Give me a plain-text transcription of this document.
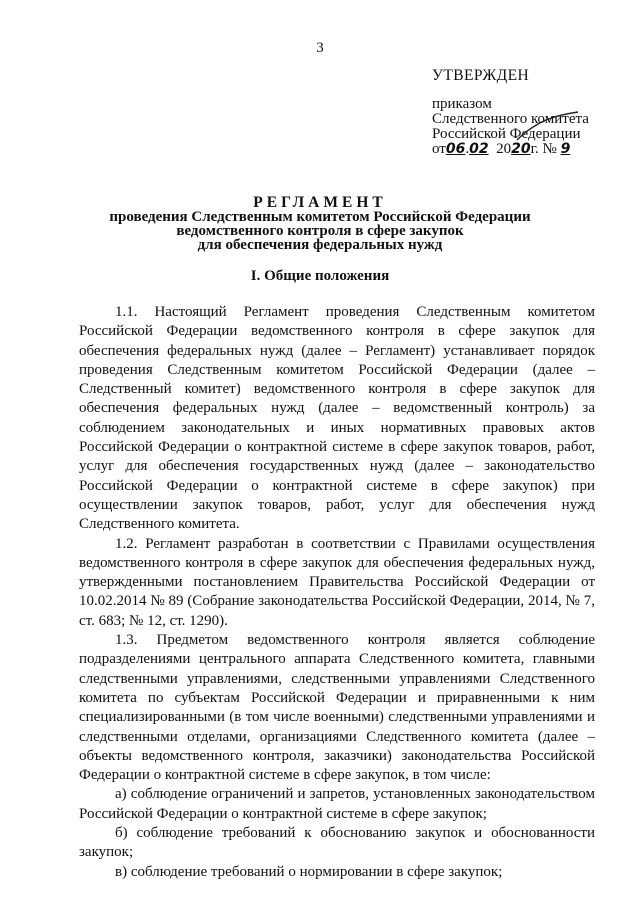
3
УТВЕРЖДЕН
приказом
Следственного комитета
Российской Федерации
от06.02 2020г. № 9
РЕГЛАМЕНТ
проведения Следственным комитетом Российской Федерации
ведомственного контроля в сфере закупок
для обеспечения федеральных нужд
I. Общие положения

1.1. Настоящий Регламент проведения Следственным комитетом Российской Федерации ведомственного контроля в сфере закупок для обеспечения федеральных нужд (далее – Регламент) устанавливает порядок проведения Следственным комитетом Российской Федерации (далее – Следственный комитет) ведомственного контроля в сфере закупок для обеспечения федеральных нужд (далее – ведомственный контроль) за соблюдением законодательных и иных нормативных правовых актов Российской Федерации о контрактной системе в сфере закупок товаров, работ, услуг для обеспечения государственных нужд (далее – законодательство Российской Федерации о контрактной системе в сфере закупок) при осуществлении закупок товаров, работ, услуг для обеспечения нужд Следственного комитета.

1.2. Регламент разработан в соответствии с Правилами осуществления ведомственного контроля в сфере закупок для обеспечения федеральных нужд, утвержденными постановлением Правительства Российской Федерации от 10.02.2014 № 89 (Собрание законодательства Российской Федерации, 2014, № 7, ст. 683; № 12, ст. 1290).

1.3. Предметом ведомственного контроля является соблюдение подразделениями центрального аппарата Следственного комитета, главными следственными управлениями, следственными управлениями Следственного комитета по субъектам Российской Федерации и приравненными к ним специализированными (в том числе военными) следственными управлениями и следственными отделами, организациями Следственного комитета (далее – объекты ведомственного контроля, заказчики) законодательства Российской Федерации о контрактной системе в сфере закупок, в том числе:

а) соблюдение ограничений и запретов, установленных законодательством Российской Федерации о контрактной системе в сфере закупок;

б) соблюдение требований к обоснованию закупок и обоснованности закупок;

в) соблюдение требований о нормировании в сфере закупок;
